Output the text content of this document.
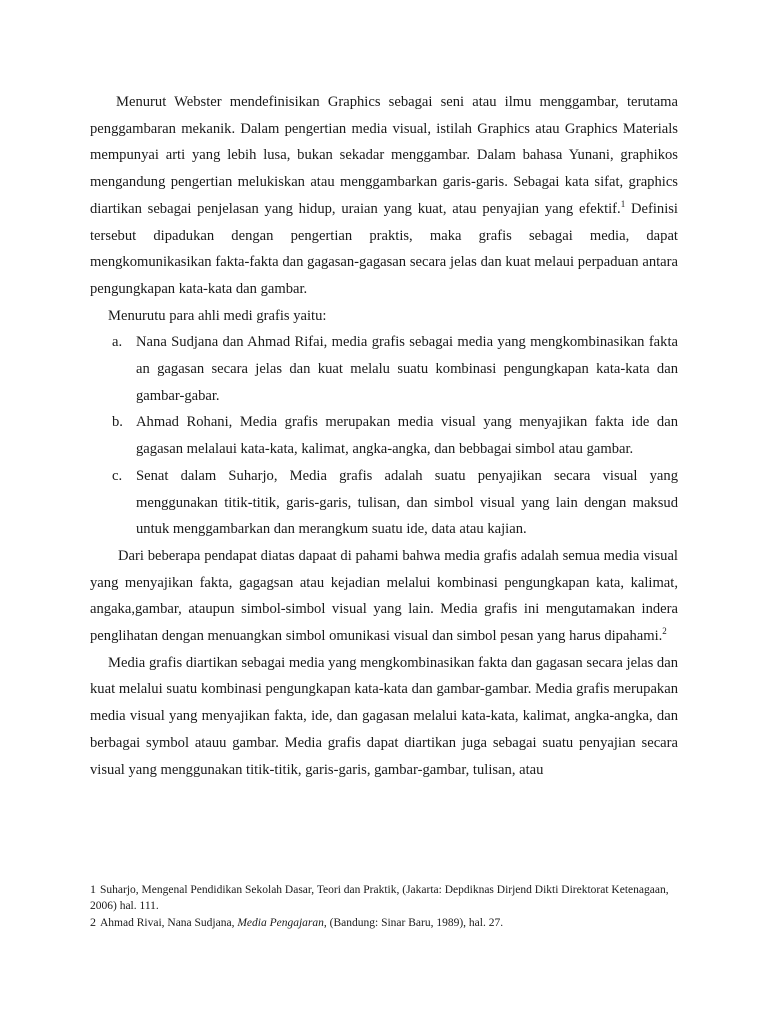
Menurut Webster mendefinisikan Graphics sebagai seni atau ilmu menggambar, terutama penggambaran mekanik. Dalam pengertian media visual, istilah Graphics atau Graphics Materials mempunyai arti yang lebih lusa, bukan sekadar menggambar. Dalam bahasa Yunani, graphikos mengandung pengertian melukiskan atau menggambarkan garis-garis. Sebagai kata sifat, graphics diartikan sebagai penjelasan yang hidup, uraian yang kuat, atau penyajian yang efektif.$^1$ Definisi tersebut dipadukan dengan pengertian praktis, maka grafis sebagai media, dapat mengkomunikasikan fakta-fakta dan gagasan-gagasan secara jelas dan kuat melaui perpaduan antara pengungkapan kata-kata dan gambar.

Menurutu para ahli medi grafis yaitu:

a. Nana Sudjana dan Ahmad Rifai, media grafis sebagai media yang mengkombinasikan fakta an gagasan secara jelas dan kuat melalu suatu kombinasi pengungkapan kata-kata dan gambar-gabar.
b. Ahmad Rohani, Media grafis merupakan media visual yang menyajikan fakta ide dan gagasan melalaui kata-kata, kalimat, angka-angka, dan bebbagai simbol atau gambar.
c. Senat dalam Suharjo, Media grafis adalah suatu penyajikan secara visual yang menggunakan titik-titik, garis-garis, tulisan, dan simbol visual yang lain dengan maksud untuk menggambarkan dan merangkum suatu ide, data atau kajian.

Dari beberapa pendapat diatas dapaat di pahami bahwa media grafis adalah semua media visual yang menyajikan fakta, gagagsan atau kejadian melalui kombinasi pengungkapan kata, kalimat, angaka,gambar, ataupun simbol-simbol visual yang lain. Media grafis ini mengutamakan indera penglihatan dengan menuangkan simbol omunikasi visual dan simbol pesan yang harus dipahami.$^2$

Media grafis diartikan sebagai media yang mengkombinasikan fakta dan gagasan secara jelas dan kuat melalui suatu kombinasi pengungkapan kata-kata dan gambar-gambar. Media grafis merupakan media visual yang menyajikan fakta, ide, dan gagasan melalui kata-kata, kalimat, angka-angka, dan berbagai symbol atauu gambar. Media grafis dapat diartikan juga sebagai suatu penyajian secara visual yang menggunakan titik-titik, garis-garis, gambar-gambar, tulisan, atau

1 Suharjo, Mengenal Pendidikan Sekolah Dasar, Teori dan Praktik, (Jakarta: Depdiknas Dirjend Dikti Direktorat Ketenagaan, 2006) hal. 111.

2 Ahmad Rivai, Nana Sudjana, Media Pengajaran, (Bandung: Sinar Baru, 1989), hal. 27.
